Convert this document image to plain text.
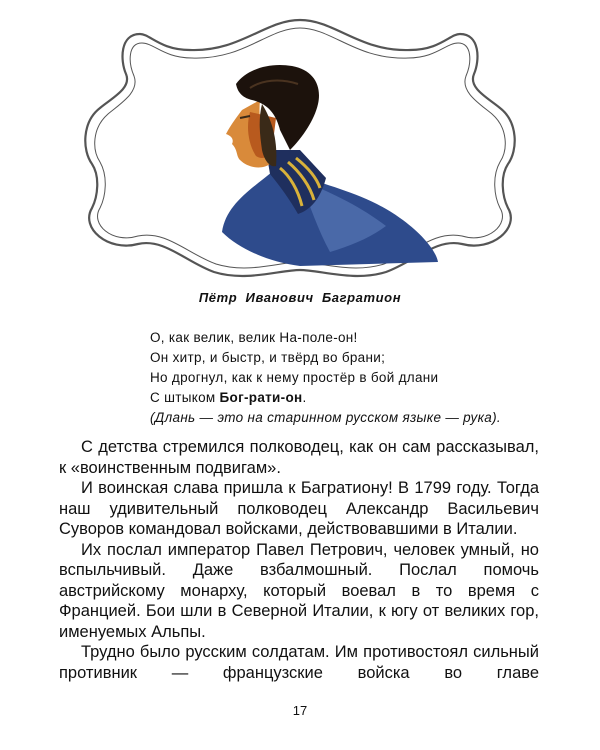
Пётр Иванович Багратион
О, как велик, велик На-поле-он!
Он хитр, и быстр, и твёрд во брани;
Но дрогнул, как к нему простёр в бой длани
С штыком Бог-рати-он.
(Длань — это на старинном русском языке — рука).

С детства стремился полководец, как он сам рассказывал, к «воинственным подвигам».

И воинская слава пришла к Багратиону! В 1799 году. Тогда наш удивительный полководец Александр Васильевич Суворов командовал войсками, действовавшими в Италии.

Их послал император Павел Петрович, человек умный, но вспыльчивый. Даже взбалмошный. Послал помочь австрийскому монарху, который воевал в то время с Францией. Бои шли в Северной Италии, к югу от великих гор, именуемых Альпы.

Трудно было русским солдатам. Им противостоял сильный противник — французские войска во главе

17
